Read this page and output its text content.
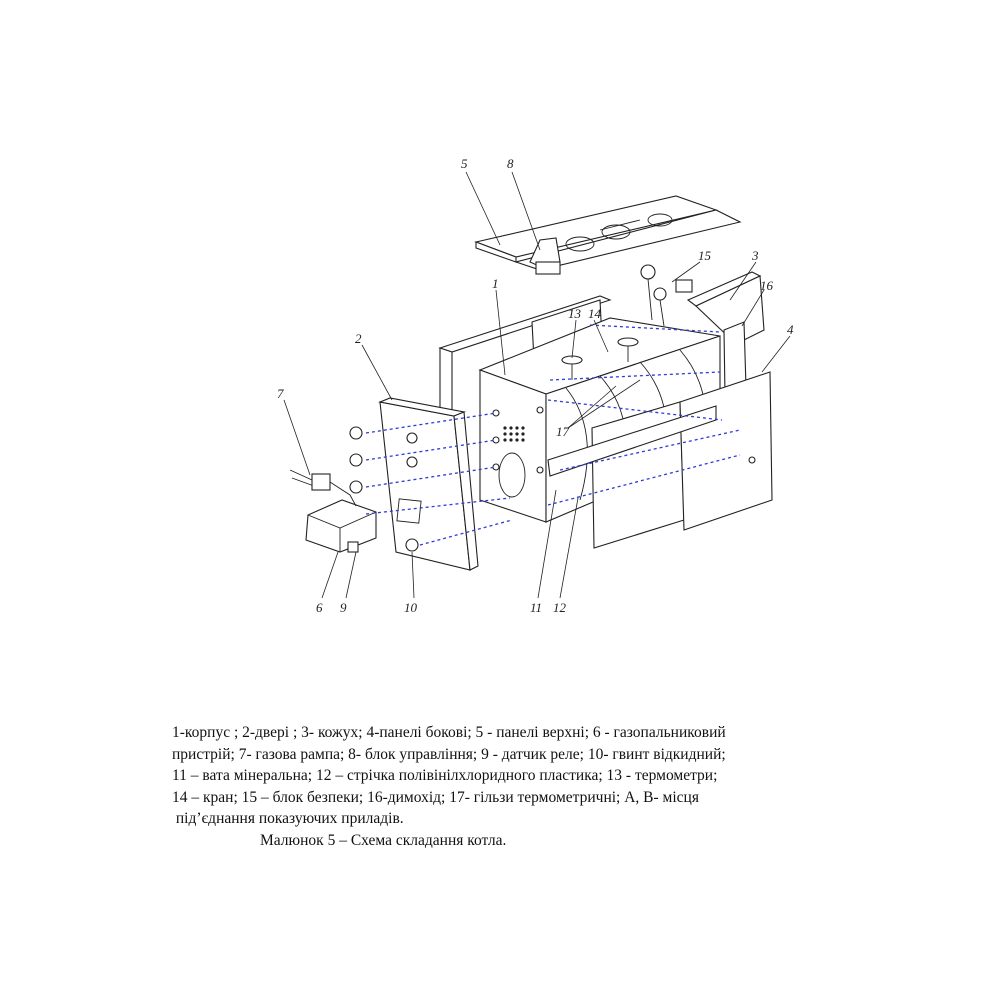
5	8
1
2
3
4
7
15
16
13 14
17
6 9	10	11 12

1-корпус ; 2-двері ; 3- кожух; 4-панелі бокові; 5 - панелі верхні; 6 - газопальниковий

пристрій; 7- газова рампа; 8- блок управління; 9 - датчик реле; 10- гвинт відкидний;

11 – вата мінеральна; 12 – стрічка полівінілхлоридного пластика; 13 - термометри;

14 – кран; 15 – блок безпеки; 16-димохід; 17- гільзи термометричні; А, В- місця

під’єднання показуючих приладів.

Малюнок 5 – Схема складання котла.
